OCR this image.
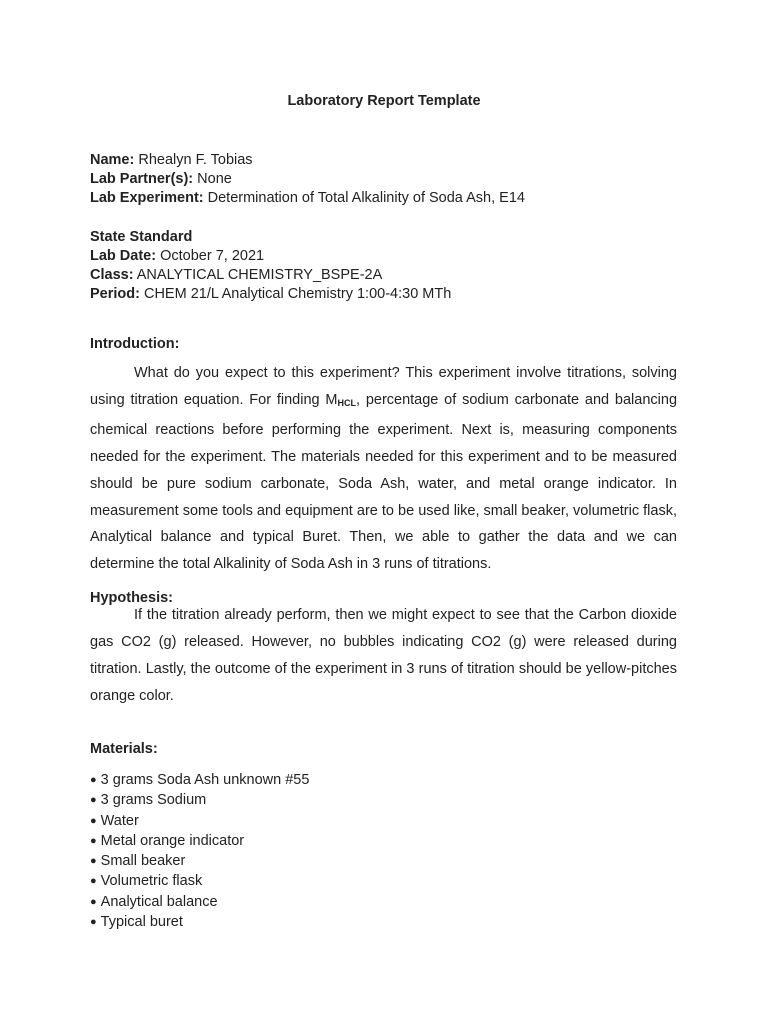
Laboratory Report Template
Name: Rhealyn F. Tobias
Lab Partner(s): None
Lab Experiment: Determination of Total Alkalinity of Soda Ash, E14
State Standard
Lab Date: October 7, 2021
Class: ANALYTICAL CHEMISTRY_BSPE-2A
Period: CHEM 21/L Analytical Chemistry 1:00-4:30 MTh
Introduction:

What do you expect to this experiment? This experiment involve titrations, solving using titration equation. For finding $M_{HCL}$, percentage of sodium carbonate and balancing chemical reactions before performing the experiment. Next is, measuring components needed for the experiment. The materials needed for this experiment and to be measured should be pure sodium carbonate, Soda Ash, water, and metal orange indicator. In measurement some tools and equipment are to be used like, small beaker, volumetric flask, Analytical balance and typical Buret. Then, we able to gather the data and we can determine the total Alkalinity of Soda Ash in 3 runs of titrations.

Hypothesis:

If the titration already perform, then we might expect to see that the Carbon dioxide gas CO2 (g) released. However, no bubbles indicating CO2 (g) were released during titration. Lastly, the outcome of the experiment in 3 runs of titration should be yellow-pitches orange color.

Materials:
● 3 grams Soda Ash unknown #55
● 3 grams Sodium
● Water
● Metal orange indicator
● Small beaker
● Volumetric flask
● Analytical balance
● Typical buret
